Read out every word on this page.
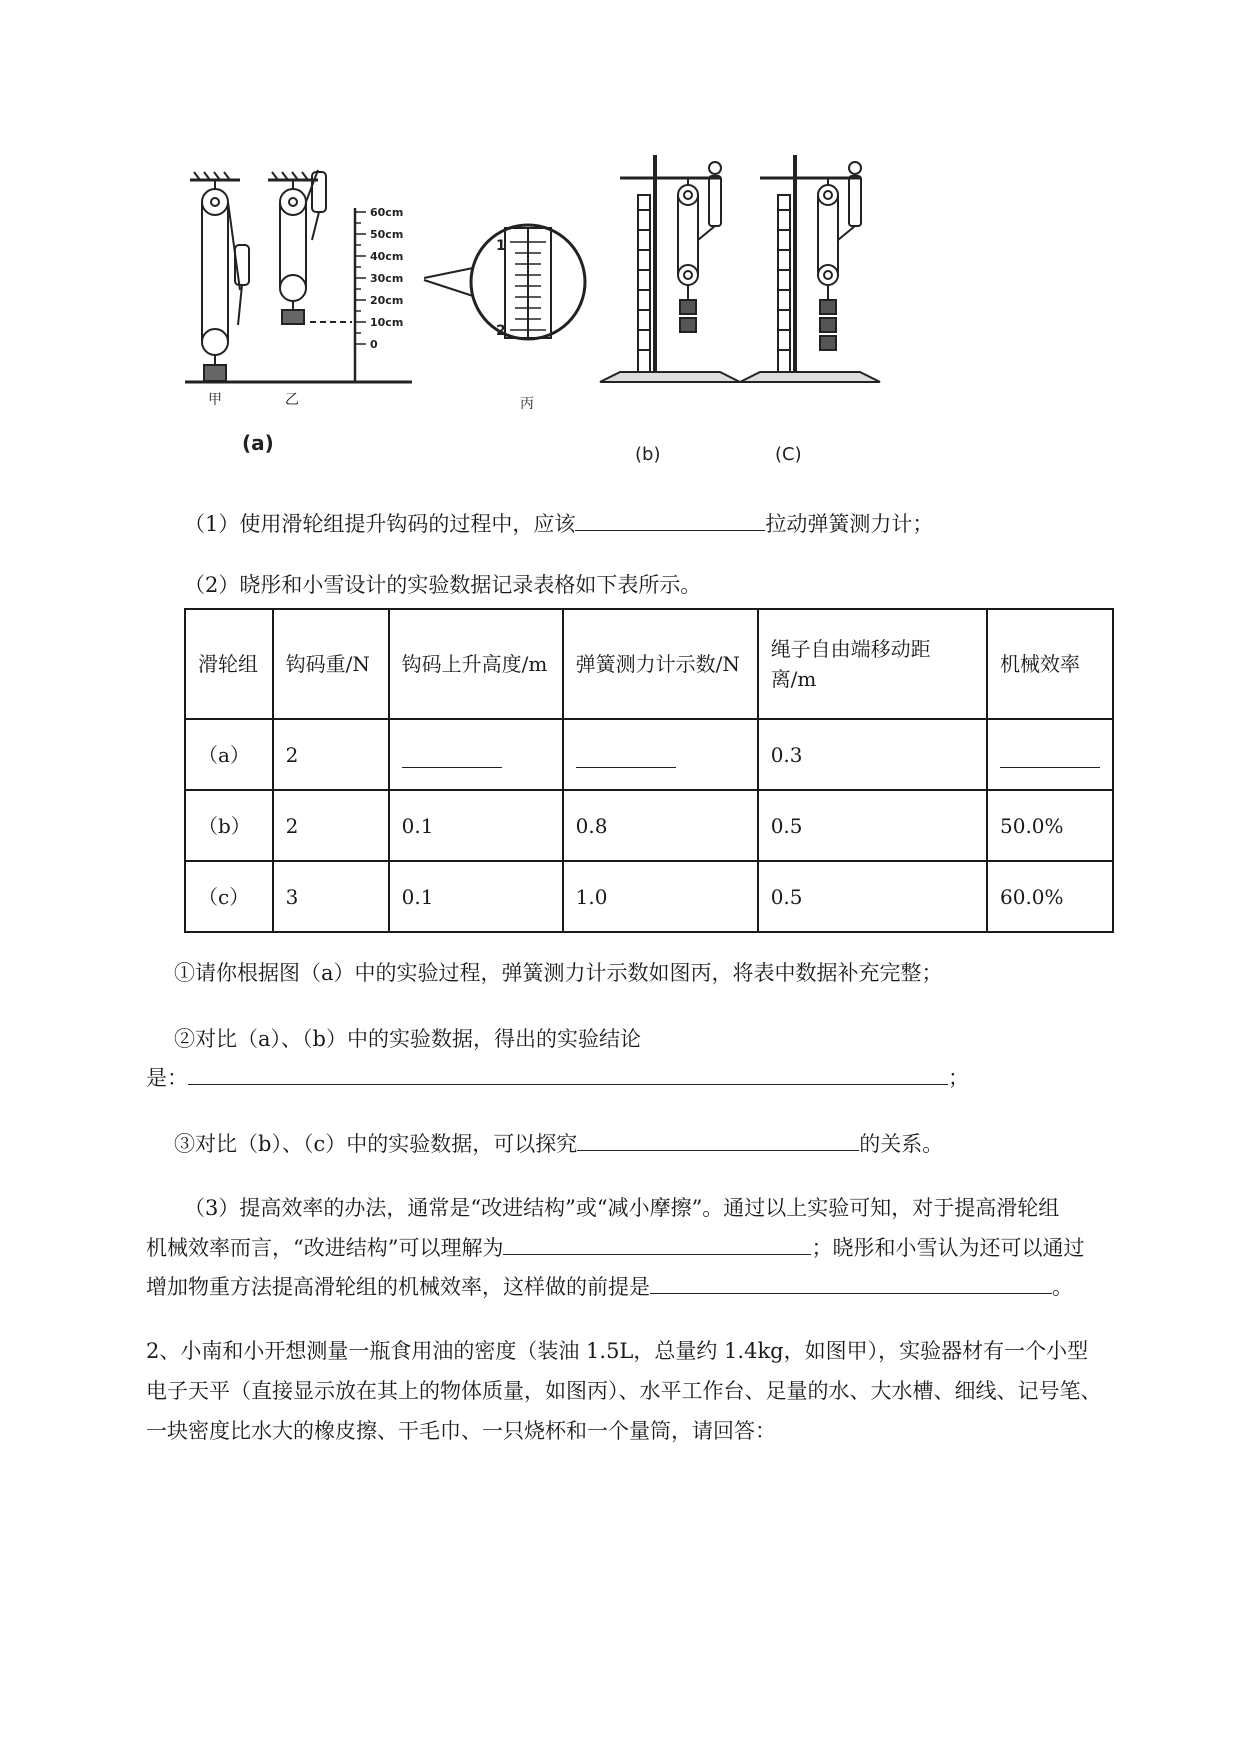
60cm
50cm
40cm
30cm
20cm
10cm
0
1
2
甲	乙	丙
(a)	(b)	(C)
（1）使用滑轮组提升钩码的过程中，应该	拉动弹簧测力计；
（2）晓彤和小雪设计的实验数据记录表格如下表所示。
滑轮组	钩码重/N	钩码上升高度/m	弹簧测力计示数/N	绳子自由端移动距离/m	机械效率
（a）	2			0.3	
（b）	2	0.1	0.8	0.5	50.0%
（c）	3	0.1	1.0	0.5	60.0%
①请你根据图（a）中的实验过程，弹簧测力计示数如图丙，将表中数据补充完整；
②对比（a）、（b）中的实验数据，得出的实验结论
是：	；
③对比（b）、（c）中的实验数据，可以探究	的关系。
（3）提高效率的办法，通常是“改进结构”或“减小摩擦”。通过以上实验可知，对于提高滑轮组
机械效率而言，“改进结构”可以理解为	；晓彤和小雪认为还可以通过
增加物重方法提高滑轮组的机械效率，这样做的前提是	。
2、小南和小开想测量一瓶食用油的密度（装油 1.5L，总量约 1.4kg，如图甲），实验器材有一个小型
电子天平（直接显示放在其上的物体质量，如图丙）、水平工作台、足量的水、大水槽、细线、记号笔、
一块密度比水大的橡皮擦、干毛巾、一只烧杯和一个量筒，请回答：
